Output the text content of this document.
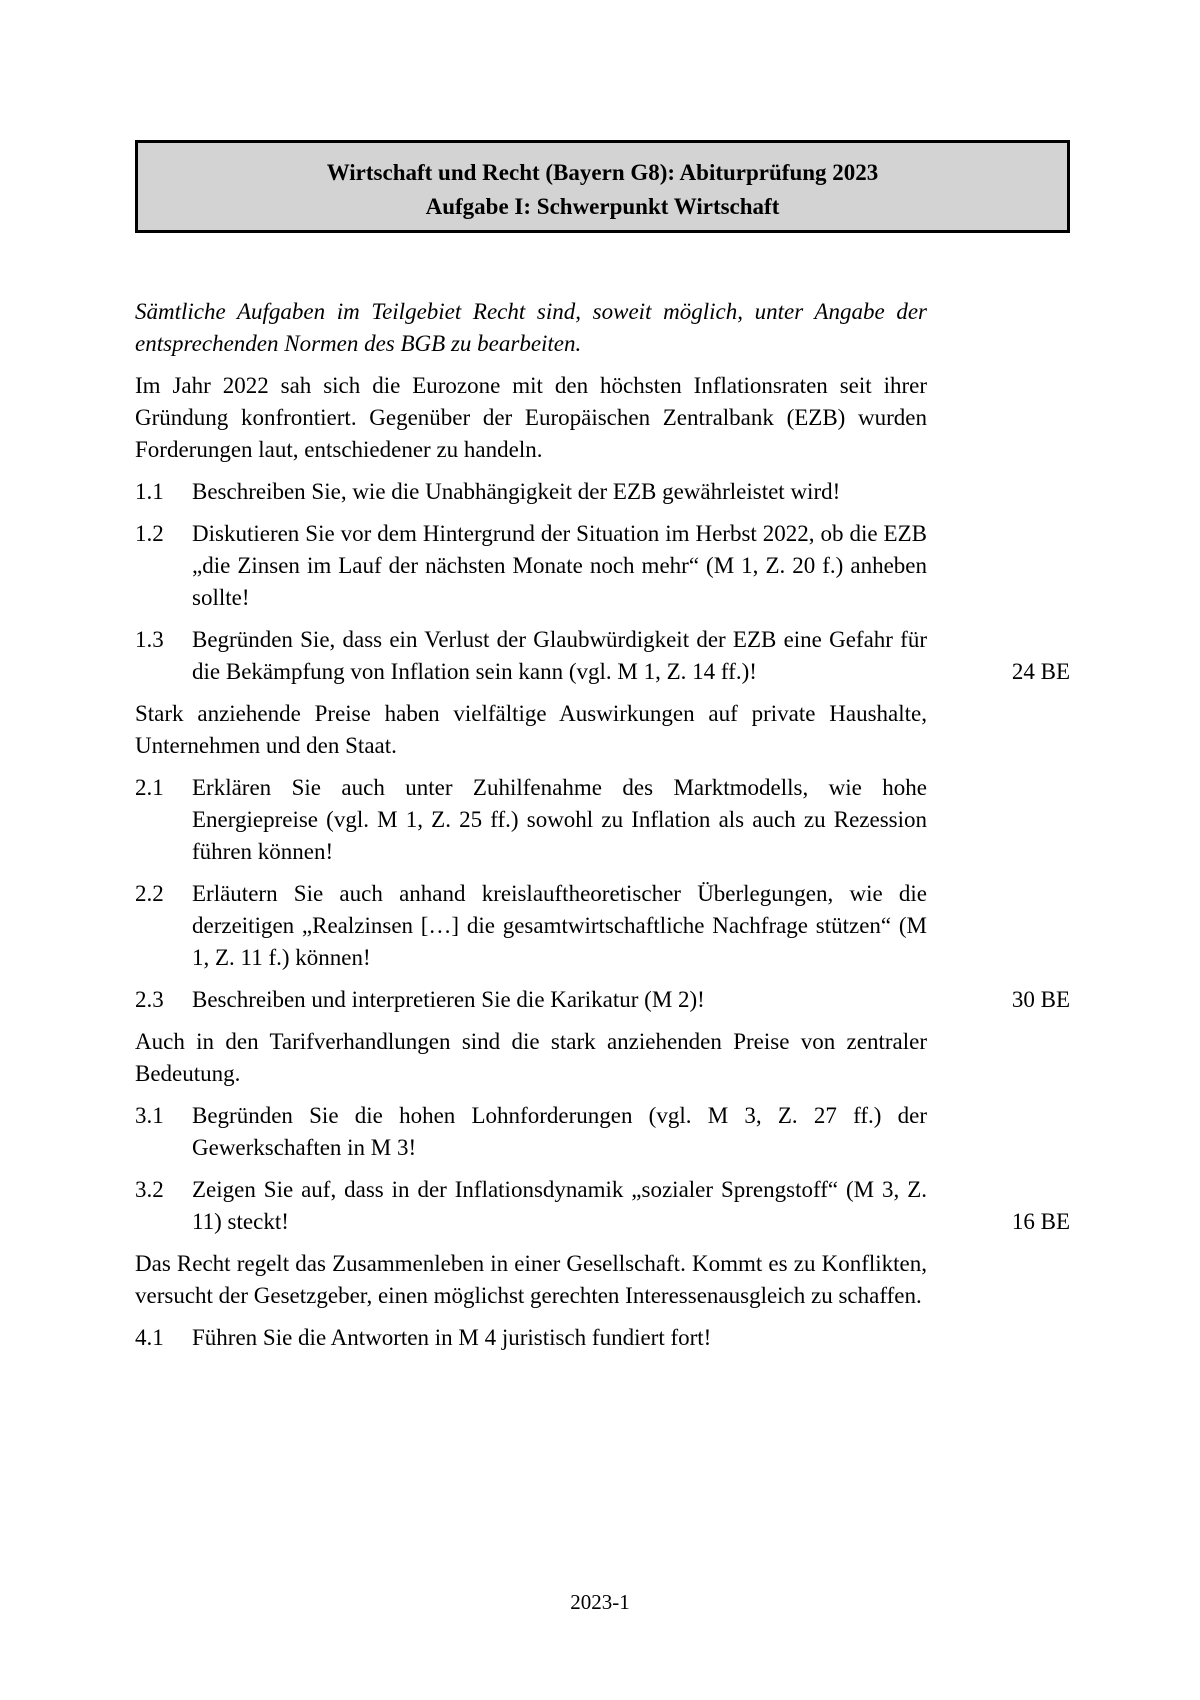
Wirtschaft und Recht (Bayern G8): Abiturprüfung 2023
Aufgabe I: Schwerpunkt Wirtschaft

Sämtliche Aufgaben im Teilgebiet Recht sind, soweit möglich, unter Angabe der entsprechenden Normen des BGB zu bearbeiten.

Im Jahr 2022 sah sich die Eurozone mit den höchsten Inflationsraten seit ihrer Gründung konfrontiert. Gegenüber der Europäischen Zentralbank (EZB) wurden Forderungen laut, entschiedener zu handeln.

1.1	Beschreiben Sie, wie die Unabhängigkeit der EZB gewährleistet wird!
1.2	Diskutieren Sie vor dem Hintergrund der Situation im Herbst 2022, ob die EZB „die Zinsen im Lauf der nächsten Monate noch mehr“ (M 1, Z. 20 f.) anheben sollte!
1.3	Begründen Sie, dass ein Verlust der Glaubwürdigkeit der EZB eine Gefahr für die Bekämpfung von Inflation sein kann (vgl. M 1, Z. 14 ff.)!	24 BE

Stark anziehende Preise haben vielfältige Auswirkungen auf private Haushalte, Unternehmen und den Staat.

2.1	Erklären Sie auch unter Zuhilfenahme des Marktmodells, wie hohe Energiepreise (vgl. M 1, Z. 25 ff.) sowohl zu Inflation als auch zu Rezession führen können!
2.2	Erläutern Sie auch anhand kreislauftheoretischer Überlegungen, wie die derzeitigen „Realzinsen […] die gesamtwirtschaftliche Nachfrage stützen“ (M 1, Z. 11 f.) können!
2.3	Beschreiben und interpretieren Sie die Karikatur (M 2)!	30 BE

Auch in den Tarifverhandlungen sind die stark anziehenden Preise von zentraler Bedeutung.

3.1	Begründen Sie die hohen Lohnforderungen (vgl. M 3, Z. 27 ff.) der Gewerkschaften in M 3!
3.2	Zeigen Sie auf, dass in der Inflationsdynamik „sozialer Sprengstoff“ (M 3, Z. 11) steckt!	16 BE

Das Recht regelt das Zusammenleben in einer Gesellschaft. Kommt es zu Konflikten, versucht der Gesetzgeber, einen möglichst gerechten Interessenausgleich zu schaffen.

4.1	Führen Sie die Antworten in M 4 juristisch fundiert fort!
2023-1
